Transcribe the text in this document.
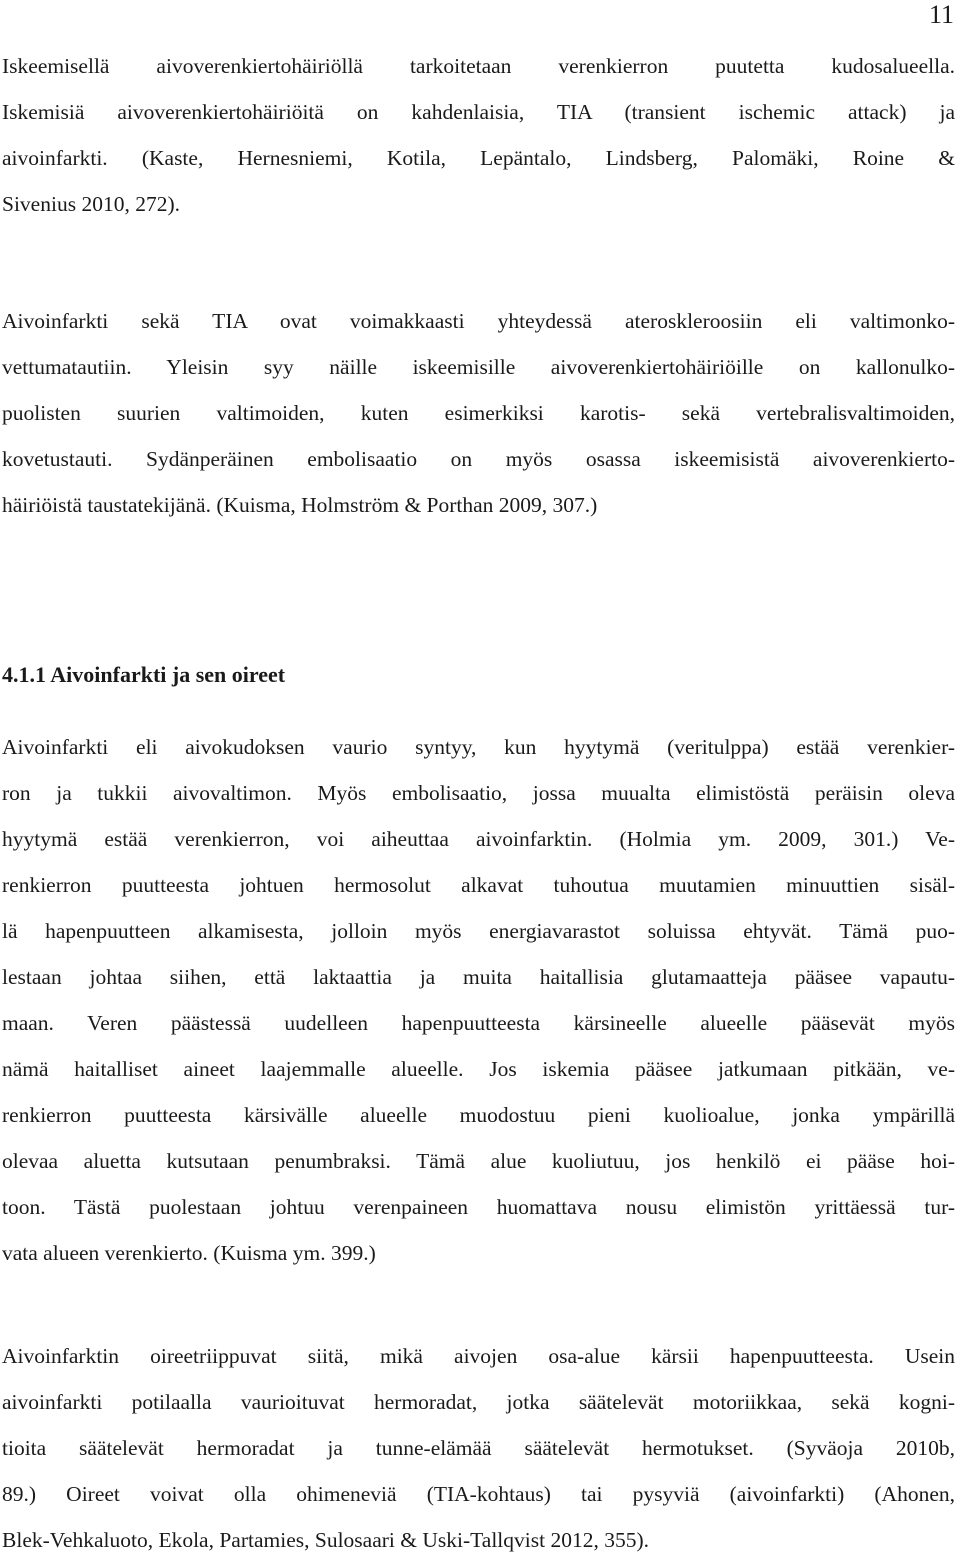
11
Iskeemisellä aivoverenkiertohäiriöllä tarkoitetaan verenkierron puutetta kudosalueella.
Iskemisiä aivoverenkiertohäiriöitä on kahdenlaisia, TIA (transient ischemic attack) ja
aivoinfarkti. (Kaste, Hernesniemi, Kotila, Lepäntalo, Lindsberg, Palomäki, Roine &
Sivenius 2010, 272).
Aivoinfarkti sekä TIA ovat voimakkaasti yhteydessä ateroskleroosiin eli valtimonko-
vettumatautiin. Yleisin syy näille iskeemisille aivoverenkiertohäiriöille on kallonulko-
puolisten suurien valtimoiden, kuten esimerkiksi karotis- sekä vertebralisvaltimoiden,
kovetustauti. Sydänperäinen embolisaatio on myös osassa iskeemisistä aivoverenkierto-
häiriöistä taustatekijänä. (Kuisma, Holmström & Porthan 2009, 307.)
4.1.1 Aivoinfarkti ja sen oireet
Aivoinfarkti eli aivokudoksen vaurio syntyy, kun hyytymä (veritulppa) estää verenkier-
ron ja tukkii aivovaltimon. Myös embolisaatio, jossa muualta elimistöstä peräisin oleva
hyytymä estää verenkierron, voi aiheuttaa aivoinfarktin. (Holmia ym. 2009, 301.) Ve-
renkierron puutteesta johtuen hermosolut alkavat tuhoutua muutamien minuuttien sisäl-
lä hapenpuutteen alkamisesta, jolloin myös energiavarastot soluissa ehtyvät. Tämä puo-
lestaan johtaa siihen, että laktaattia ja muita haitallisia glutamaatteja pääsee vapautu-
maan. Veren päästessä uudelleen hapenpuutteesta kärsineelle alueelle pääsevät myös
nämä haitalliset aineet laajemmalle alueelle. Jos iskemia pääsee jatkumaan pitkään, ve-
renkierron puutteesta kärsivälle alueelle muodostuu pieni kuolioalue, jonka ympärillä
olevaa aluetta kutsutaan penumbraksi. Tämä alue kuoliutuu, jos henkilö ei pääse hoi-
toon. Tästä puolestaan johtuu verenpaineen huomattava nousu elimistön yrittäessä tur-
vata alueen verenkierto. (Kuisma ym. 399.)
Aivoinfarktin oireetriippuvat siitä, mikä aivojen osa-alue kärsii hapenpuutteesta. Usein
aivoinfarkti potilaalla vaurioituvat hermoradat, jotka säätelevät motoriikkaa, sekä kogni-
tioita säätelevät hermoradat ja tunne-elämää säätelevät hermotukset. (Syväoja 2010b,
89.) Oireet voivat olla ohimeneviä (TIA-kohtaus) tai pysyviä (aivoinfarkti) (Ahonen,
Blek-Vehkaluoto, Ekola, Partamies, Sulosaari & Uski-Tallqvist 2012, 355).
